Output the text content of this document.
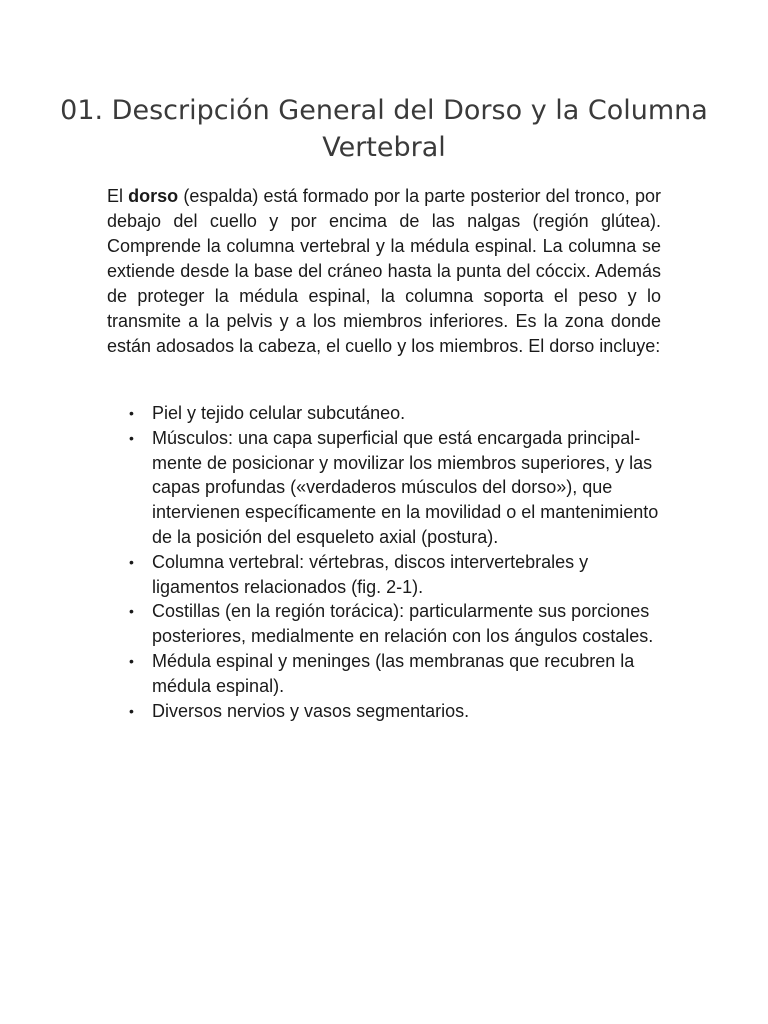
01. Descripción General del Dorso y la Columna Vertebral

El dorso (espalda) está formado por la parte posterior del tronco, por debajo del cuello y por encima de las nalgas (región glútea). Comprende la columna vertebral y la médula espinal. La columna se extiende desde la base del cráneo hasta la punta del cóccix. Además de proteger la médula espinal, la columna soporta el peso y lo transmite a la pelvis y a los miembros inferiores. Es la zona donde están adosados la cabeza, el cuello y los miembros. El dorso incluye:

• Piel y tejido celular subcutáneo.
• Músculos: una capa superficial que está encargada principal-mente de posicionar y movilizar los miembros superiores, y las capas profundas («verdaderos músculos del dorso»), que intervienen específicamente en la movilidad o el mantenimiento de la posición del esqueleto axial (postura).
• Columna vertebral: vértebras, discos intervertebrales y ligamentos relacionados (fig. 2-1).
• Costillas (en la región torácica): particularmente sus porciones posteriores, medialmente en relación con los ángulos costales.
• Médula espinal y meninges (las membranas que recubren la médula espinal).
• Diversos nervios y vasos segmentarios.
